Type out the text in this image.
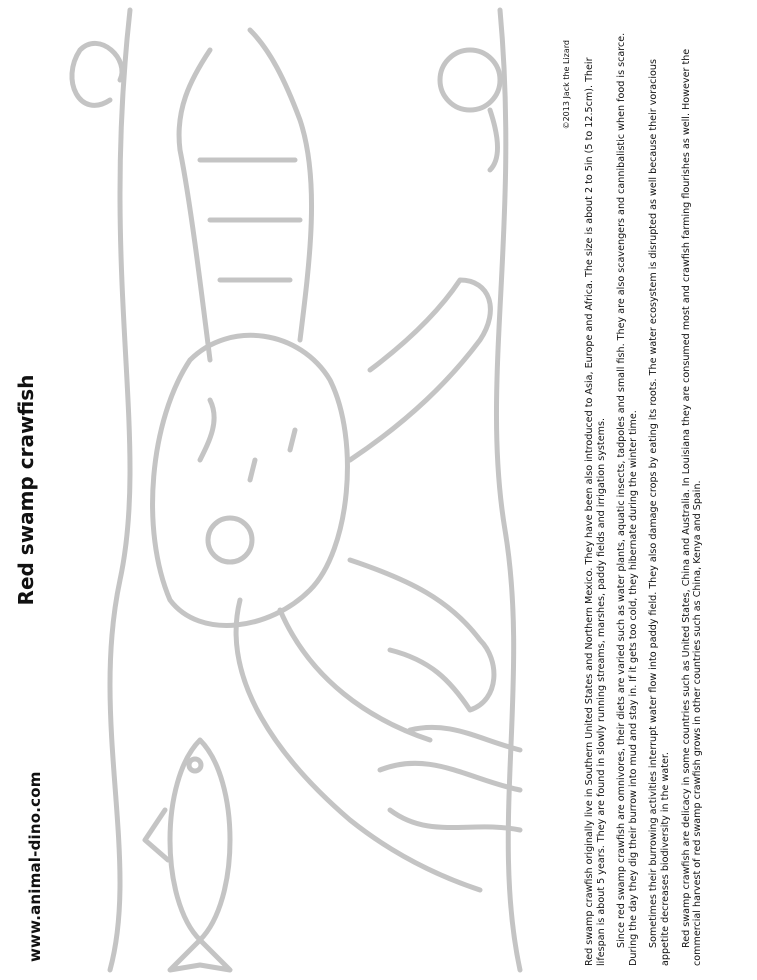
www.animal-dino.com
Red swamp crawfish
©2013 Jack the Lizard Red swamp crawfish originally live in Southern United States and Northern Mexico. They have been also introduced to Asia, Europe and Africa. The size is about 2 to 5in (5 to 12.5cm). Their lifespan is about 5 years. They are found in slowly running streams, marshes, paddy fields and irrigation systems. Since red swamp crawfish are omnivores, their diets are varied such as water plants, aquatic insects, tadpoles and small fish. They are also scavengers and cannibalistic when food is scarce. During the day they dig their burrow into mud and stay in. If it gets too cold, they hibernate during the winter time. Sometimes their burrowing activities interrupt water flow into paddy field. They also damage crops by eating its roots. The water ecosystem is disrupted as well because their voracious appetite decreases biodiversity in the water. Red swamp crawfish are delicacy in some countries such as United States, China and Australia. In Louisiana they are consumed most and crawfish farming flourishes as well. However the commercial harvest of red swamp crawfish grows in other countries such as China, Kenya and Spain.
